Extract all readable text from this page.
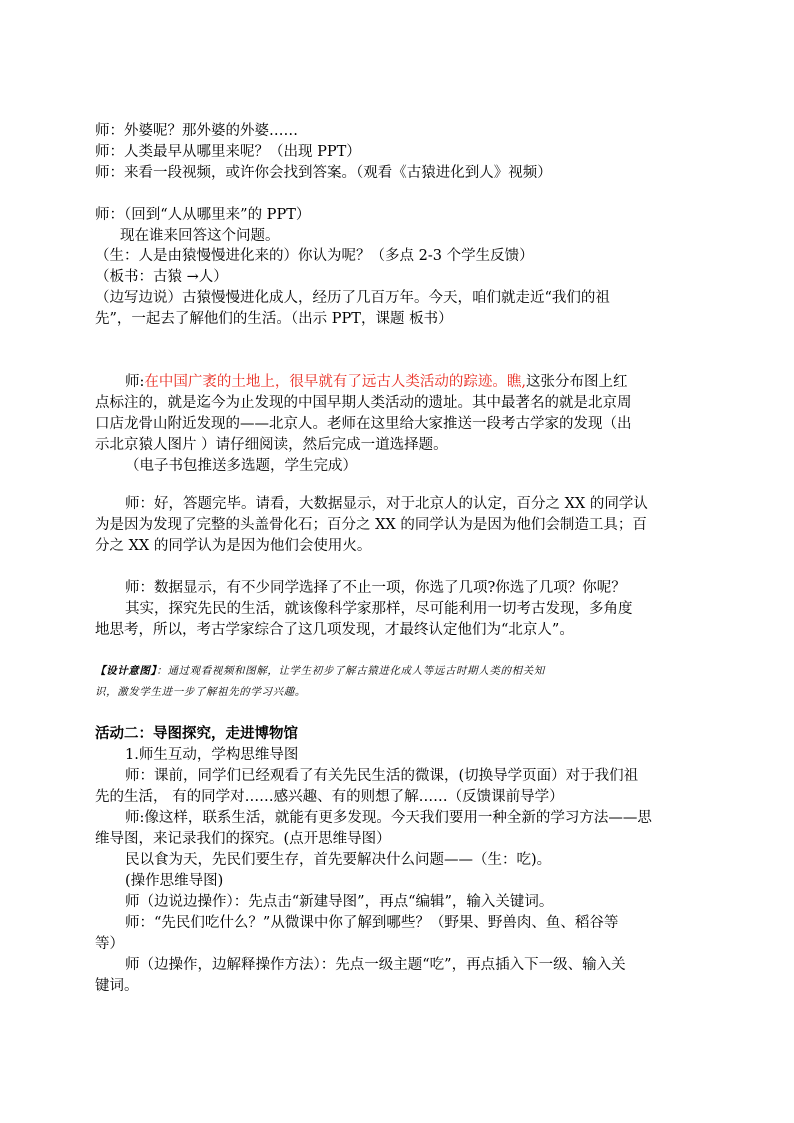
师：外婆呢？那外婆的外婆……
师：人类最早从哪里来呢？（出现 PPT）
师：来看一段视频，或许你会找到答案。（观看《古猿进化到人》视频）
师：（回到“人从哪里来”的 PPT）
现在谁来回答这个问题。
（生：人是由猿慢慢进化来的）你认为呢？（多点 2-3 个学生反馈）
（板书：古猿 →人）
（边写边说）古猿慢慢进化成人，经历了几百万年。今天，咱们就走近“我们的祖
先”，一起去了解他们的生活。（出示 PPT，课题 板书）
师:在中国广袤的土地上，很早就有了远古人类活动的踪迹。瞧,这张分布图上红
点标注的，就是迄今为止发现的中国早期人类活动的遗址。其中最著名的就是北京周
口店龙骨山附近发现的——北京人。老师在这里给大家推送一段考古学家的发现（出
示北京猿人图片 ）请仔细阅读，然后完成一道选择题。
（电子书包推送多选题，学生完成）
师：好，答题完毕。请看，大数据显示，对于北京人的认定，百分之 XX 的同学认
为是因为发现了完整的头盖骨化石；百分之 XX 的同学认为是因为他们会制造工具；百
分之 XX 的同学认为是因为他们会使用火。
师：数据显示，有不少同学选择了不止一项，你选了几项?你选了几项？你呢？
其实，探究先民的生活，就该像科学家那样，尽可能利用一切考古发现，多角度
地思考，所以，考古学家综合了这几项发现，才最终认定他们为“北京人”。
【设计意图】：通过观看视频和图解，让学生初步了解古猿进化成人等远古时期人类的相关知
识，激发学生进一步了解祖先的学习兴趣。
活动二：导图探究，走进博物馆
1.师生互动，学构思维导图
师：课前，同学们已经观看了有关先民生活的微课，(切换导学页面）对于我们祖
先的生活， 有的同学对……感兴趣、有的则想了解……（反馈课前导学）
师:像这样，联系生活，就能有更多发现。今天我们要用一种全新的学习方法——思
维导图，来记录我们的探究。(点开思维导图）
民以食为天，先民们要生存，首先要解决什么问题——（生：吃)。
(操作思维导图)
师（边说边操作）：先点击“新建导图”，再点“编辑”，输入关键词。
师：“先民们吃什么？”从微课中你了解到哪些？（野果、野兽肉、鱼、稻谷等
等）
师（边操作，边解释操作方法）：先点一级主题“吃”，再点插入下一级、输入关
键词。
